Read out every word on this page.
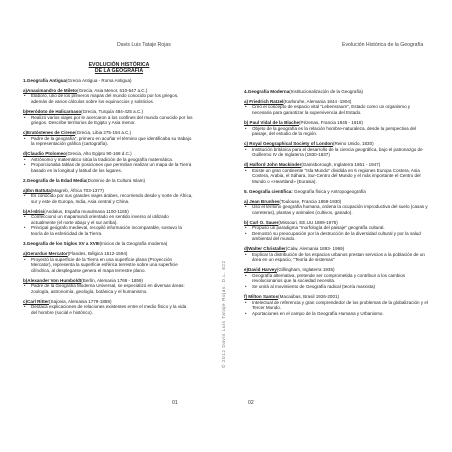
Davis Luis Tataje Rojas
EVOLUCIÓN HISTÓRICA
DE LA GEOGRAFÍA
1.Geografía Antigua(Grecia Antigua - Roma Antigua)
a)Anaximandro de Mileto(Grecia, Asia Menor, 610-547 a.C.)
• Elaboró, uno de los primeros mapas del mundo conocido por los griegos, además de varios cálculos sobre los equinoccios y solsticios.
b)Heródoto de Halicarnaso(Grecia, Turquía 484-425 a.C.)
• Realizó varios viajes por le acercaron a los confines del mundo conocido por los griegos. Describe territorios de Egipto y Asia menor.
c)Eratóstenes de Cirene(Grecia, Libia 275-194 a.C.)
• Padre de la geografía", primero en acuñar el término que identificaba su trabajo la representación gráfica (cartografía).
d)Claudio Ptolomeo(Grecia, Alto Egipto 90-168 d.C.)
• Astrónomo y matemático sitúa la tradición de la geografía matemática.
• Proporcionaba tablas de posiciones que permitían realizar un mapa de la Tierra basado en la longitud y latitud de los lugares.
2.Geografía de la Edad Media(Dominio de la Cultura Islam)
a)Ibn Battuta(Magreb, África 703-1377)
• Es conocido por sus grandes viajes árabes, recorriendo desde y norte de África, sur y este de Europa, India, Asia central y China.
b)Al-Idrisi(Andalus, España musulmana 1100-1165)
• Confeccionó un mapamundi orientado en sentido inverso al utilizado actualmente (el norte abajo y el sur arriba).
• Principal geógrafo medieval, recopiló información incomparable, sostuvo la teoría de la esfericidad de la Tierra.
3.Geografía de los Siglos XV a XVIII(Inicios de la Geografía moderna)
a)Gerardus Mercator(Flandes, Bélgica 1512-1594)
• Proyectó la superficie de la Tierra en una superficie plana (Proyección Mercator), representa la superficie esférica terrestre sobre una superficie cilíndrica, al desplegarse genera el mapa terrestre plano.
b)Alexander Von Humboldt(Berlín, Alemania 1769 - 1859)
• Padre de la Geografía Moderna Universal, se especializó en diversas áreas: zoología, astronomía, geología, botánica y el humanismo.
c)Carl Ritter(Sajonia, Alemania 1779-1859)
• Destaca explicaciones de relaciones existentes entre el medio físico y la vida del hombre (social e histórico).
01
© 2012 Davis Luis Tataje Rojas. D.L. 822
Evolución Histórica de la Geografía
4.Geografía Moderna(Institucionalización de la Geografía)
a) Friedrich Ratzel(Karlsruhe, Alemania 1844 -1904)
• Creó el concepto de espacio vital "Lebensraum", Estado como un organismo y necesaria para garantizar la supervivencia del Estado.
b) Paul Vidal de la Blache(Pézenas, Francia 1845 - 1918)
• Objeto de la geografía es la relación hombre-naturaleza, desde la perspectiva del paisaje, del estudio de la región.
c) Royal Geographical Society of London(Reino Unido, 1830)
• Institución británica para el desarrollo de la ciencia geográfica, bajo el patronazgo de Guillermo IV de Inglaterra (1830-1837)
d) Halford John Mackinder(Gainsborough, Inglaterra 1861 - 1947)
• Existe un gran continente "Isla Mundo" dividida en 6 regiones Europa Costera, Asia Costera, Arabia, el Sáhara, Sur-Centro del Mundo y el más importante el Centro del Mundo o «Heartland» (Eurasia).
5. Geografía científica: Geografía física y Antropogeografía
a) Jean Brunhes(Toulouse, Francia 1869-1930)
• Usó el término geografía humana, ordena la ocupación improductiva del suelo (casas y carreteras), plantas y animales (cultivos, ganado).
b) Carl O. Sauer(Missouri, EE.UU 1889-1975)
• Propuso un paradigma "morfología del paisaje" geografía cultural.
• Demostró su preocupación por la destrucción de la diversidad cultural y por la salud ambiental del mundo.
d)Walter Christaller(Calw, Alemania 1893- 1969)
• Explicar la distribución de los espacios urbanos prestan servicios a la población de un área en un espacio, "Teoría de sistemas"
e)David Harvey(Gillingham, Inglaterra 1935)
• Geografía alternativa, pretende ser comprometida y contribuir a los cambios revolucionarios que la sociedad necesita.
• Se unirá al movimiento de Geografía radical (teoría marxista)
f) Milton Santos(Macaúbas, Brasil 1926-2001)
• Intelectual de referencia y gran comprendedor de los problemas de la globalización y el Tercer Mundo.
• Aportaciones en el campo de la Geografía Humana y Urbanismo.
02
